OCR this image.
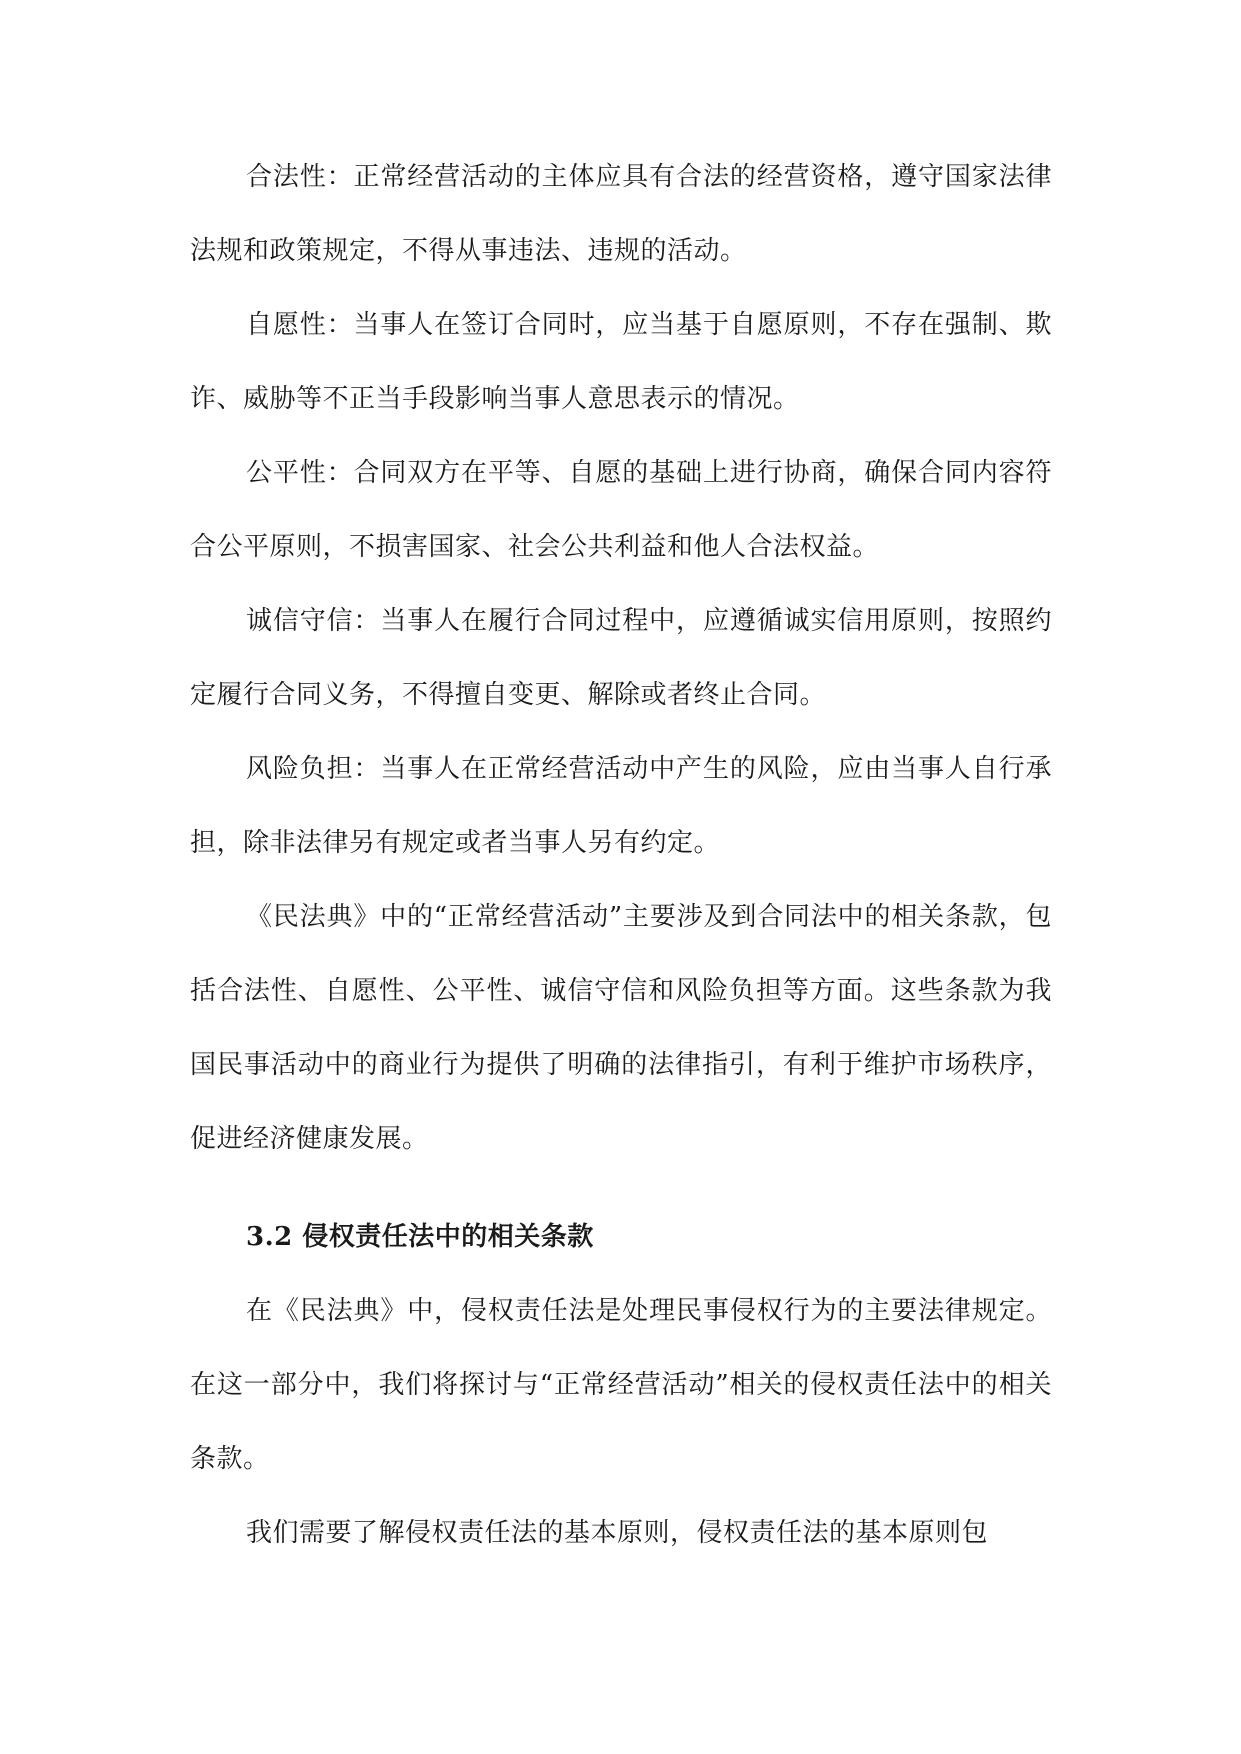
合法性：正常经营活动的主体应具有合法的经营资格，遵守国家法律法规和政策规定，不得从事违法、违规的活动。

自愿性：当事人在签订合同时，应当基于自愿原则，不存在强制、欺诈、威胁等不正当手段影响当事人意思表示的情况。

公平性：合同双方在平等、自愿的基础上进行协商，确保合同内容符合公平原则，不损害国家、社会公共利益和他人合法权益。

诚信守信：当事人在履行合同过程中，应遵循诚实信用原则，按照约定履行合同义务，不得擅自变更、解除或者终止合同。

风险负担：当事人在正常经营活动中产生的风险，应由当事人自行承担，除非法律另有规定或者当事人另有约定。

《民法典》中的“正常经营活动”主要涉及到合同法中的相关条款，包括合法性、自愿性、公平性、诚信守信和风险负担等方面。这些条款为我国民事活动中的商业行为提供了明确的法律指引，有利于维护市场秩序，促进经济健康发展。

3.2 侵权责任法中的相关条款

在《民法典》中，侵权责任法是处理民事侵权行为的主要法律规定。在这一部分中，我们将探讨与“正常经营活动”相关的侵权责任法中的相关条款。

我们需要了解侵权责任法的基本原则，侵权责任法的基本原则包
